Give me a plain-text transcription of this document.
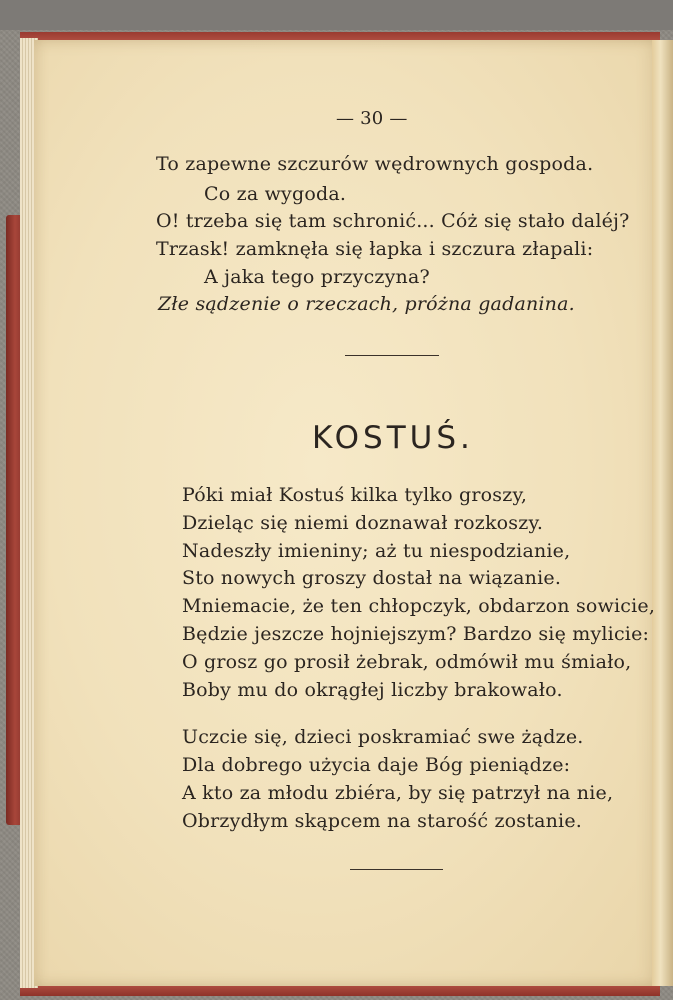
— 30 —
To zapewne szczurów wędrownych gospoda.
Co za wygoda.
O! trzeba się tam schronić... Cóż się stało daléj?
Trzask! zamknęła się łapka i szczura złapali:
A jaka tego przyczyna?
Złe sądzenie o rzeczach, próżna gadanina.
KOSTUŚ.
Póki miał Kostuś kilka tylko groszy,
Dzieląc się niemi doznawał rozkoszy.
Nadeszły imieniny; aż tu niespodzianie,
Sto nowych groszy dostał na wiązanie.
Mniemacie, że ten chłopczyk, obdarzon sowicie,
Będzie jeszcze hojniejszym? Bardzo się mylicie:
O grosz go prosił żebrak, odmówił mu śmiało,
Boby mu do okrągłej liczby brakowało.
Uczcie się, dzieci poskramiać swe żądze.
Dla dobrego użycia daje Bóg pieniądze:
A kto za młodu zbiéra, by się patrzył na nie,
Obrzydłym skąpcem na starość zostanie.
